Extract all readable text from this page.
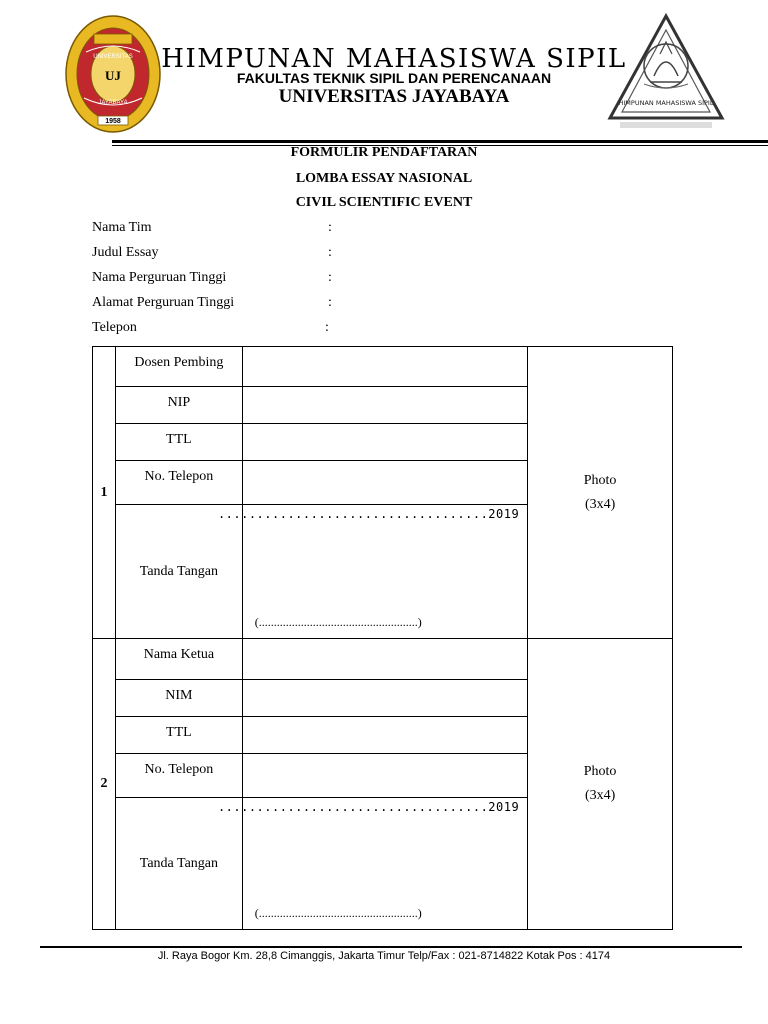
UJ
UNIVERSITAS
JAYABAYA
1958
HIMPUNAN MAHASISWA SIPIL
FAKULTAS TEKNIK SIPIL DAN PERENCANAAN
UNIVERSITAS JAYABAYA	HIMPUNAN MAHASISWA SIPIL
FORMULIR PENDAFTARAN
LOMBA ESSAY NASIONAL
CIVIL SCIENTIFIC EVENT
Nama Tim	:
Judul Essay	:
Nama Perguruan Tinggi	:
Alamat Perguruan Tinggi	:
Telepon	:
1	Dosen Pembing		Photo
(3x4)

	NIP		

	TTL		

	No. Telepon		

	Tanda Tangan	...................................2019
(.....................................................)	

2	Nama Ketua		Photo
(3x4)

	NIM		

	TTL		

	No. Telepon		

	Tanda Tangan	...................................2019
(.....................................................)	
Jl. Raya Bogor Km. 28,8 Cimanggis, Jakarta Timur Telp/Fax : 021-8714822 Kotak Pos : 4174
